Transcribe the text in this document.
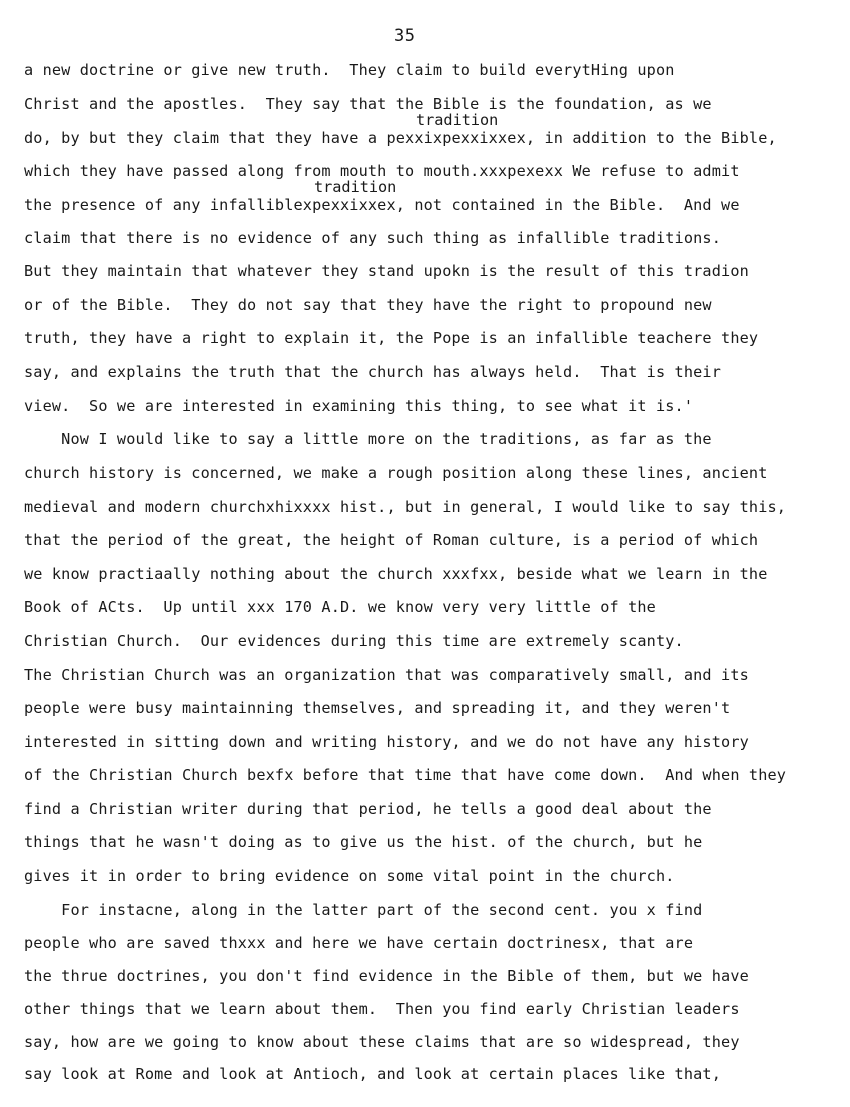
35
tradition
tradition
a new doctrine or give new truth.  They claim to build everytHing upon
Christ and the apostles.  They say that the Bible is the foundation, as we
do, by but they claim that they have a pexxixpexxixxex, in addition to the Bible,
which they have passed along from mouth to mouth.xxxpexexx We refuse to admit
the presence of any infalliblexpexxixxex, not contained in the Bible.  And we
claim that there is no evidence of any such thing as infallible traditions.
But they maintain that whatever they stand upokn is the result of this tradion
or of the Bible.  They do not say that they have the right to propound new
truth, they have a right to explain it, the Pope is an infallible teachere they
say, and explains the truth that the church has always held.  That is their
view.  So we are interested in examining this thing, to see what it is.'
Now I would like to say a little more on the traditions, as far as the
church history is concerned, we make a rough position along these lines, ancient
medieval and modern churchxhixxxx hist., but in general, I would like to say this,
that the period of the great, the height of Roman culture, is a period of which
we know practiaally nothing about the church xxxfxx, beside what we learn in the
Book of ACts.  Up until xxx 170 A.D. we know very very little of the
Christian Church.  Our evidences during this time are extremely scanty.
The Christian Church was an organization that was comparatively small, and its
people were busy maintainning themselves, and spreading it, and they weren't
interested in sitting down and writing history, and we do not have any history
of the Christian Church bexfx before that time that have come down.  And when they
find a Christian writer during that period, he tells a good deal about the
things that he wasn't doing as to give us the hist. of the church, but he
gives it in order to bring evidence on some vital point in the church.
For instacne, along in the latter part of the second cent. you x find
people who are saved thxxx and here we have certain doctrinesx, that are
the thrue doctrines, you don't find evidence in the Bible of them, but we have
other things that we learn about them.  Then you find early Christian leaders
say, how are we going to know about these claims that are so widespread, they
say look at Rome and look at Antioch, and look at certain places like that,
